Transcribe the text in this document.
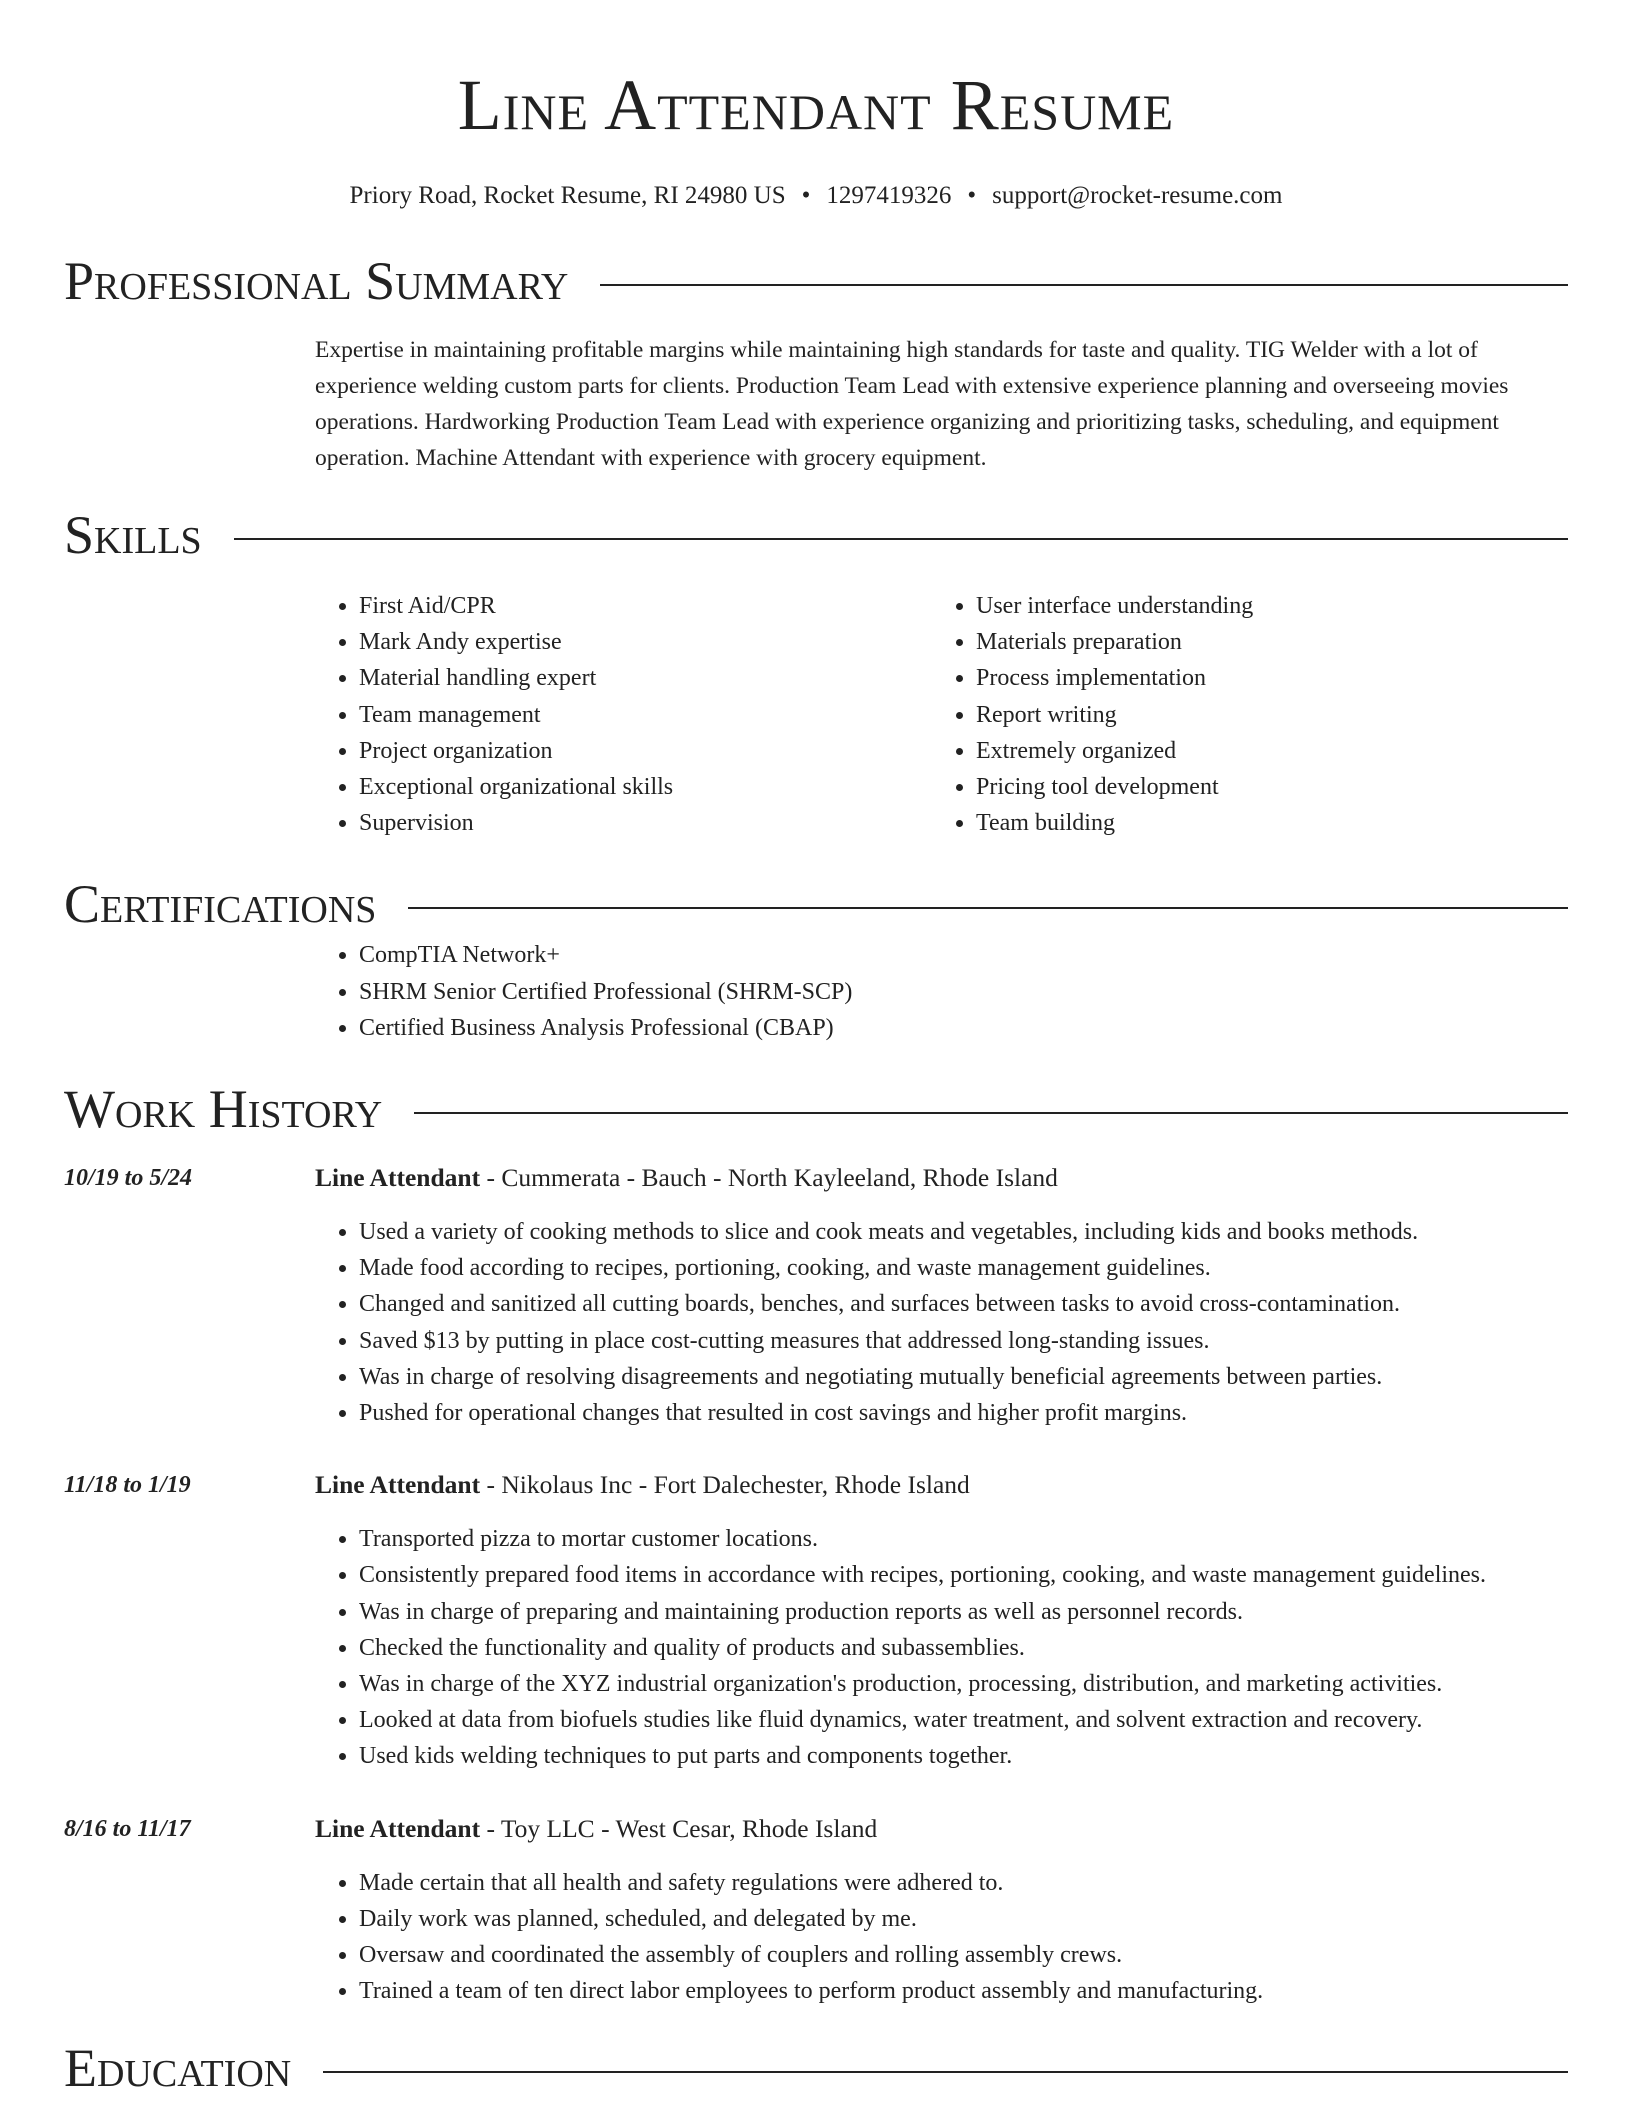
Line Attendant Resume
Priory Road, Rocket Resume, RI 24980 US • 1297419326 • support@rocket-resume.com
Professional Summary

Expertise in maintaining profitable margins while maintaining high standards for taste and quality. TIG Welder with a lot of experience welding custom parts for clients. Production Team Lead with extensive experience planning and overseeing movies operations. Hardworking Production Team Lead with experience organizing and prioritizing tasks, scheduling, and equipment operation. Machine Attendant with experience with grocery equipment.

Skills
• First Aid/CPR
• Mark Andy expertise
• Material handling expert
• Team management
• Project organization
• Exceptional organizational skills
• Supervision
• User interface understanding
• Materials preparation
• Process implementation
• Report writing
• Extremely organized
• Pricing tool development
• Team building
Certifications
• CompTIA Network+
• SHRM Senior Certified Professional (SHRM-SCP)
• Certified Business Analysis Professional (CBAP)
Work History
10/19 to 5/24	Line Attendant - Cummerata - Bauch - North Kayleeland, Rhode Island
• Used a variety of cooking methods to slice and cook meats and vegetables, including kids and books methods.
• Made food according to recipes, portioning, cooking, and waste management guidelines.
• Changed and sanitized all cutting boards, benches, and surfaces between tasks to avoid cross-contamination.
• Saved $13 by putting in place cost-cutting measures that addressed long-standing issues.
• Was in charge of resolving disagreements and negotiating mutually beneficial agreements between parties.
• Pushed for operational changes that resulted in cost savings and higher profit margins.
11/18 to 1/19	Line Attendant - Nikolaus Inc - Fort Dalechester, Rhode Island
• Transported pizza to mortar customer locations.
• Consistently prepared food items in accordance with recipes, portioning, cooking, and waste management guidelines.
• Was in charge of preparing and maintaining production reports as well as personnel records.
• Checked the functionality and quality of products and subassemblies.
• Was in charge of the XYZ industrial organization's production, processing, distribution, and marketing activities.
• Looked at data from biofuels studies like fluid dynamics, water treatment, and solvent extraction and recovery.
• Used kids welding techniques to put parts and components together.
8/16 to 11/17	Line Attendant - Toy LLC - West Cesar, Rhode Island
• Made certain that all health and safety regulations were adhered to.
• Daily work was planned, scheduled, and delegated by me.
• Oversaw and coordinated the assembly of couplers and rolling assembly crews.
• Trained a team of ten direct labor employees to perform product assembly and manufacturing.
Education
